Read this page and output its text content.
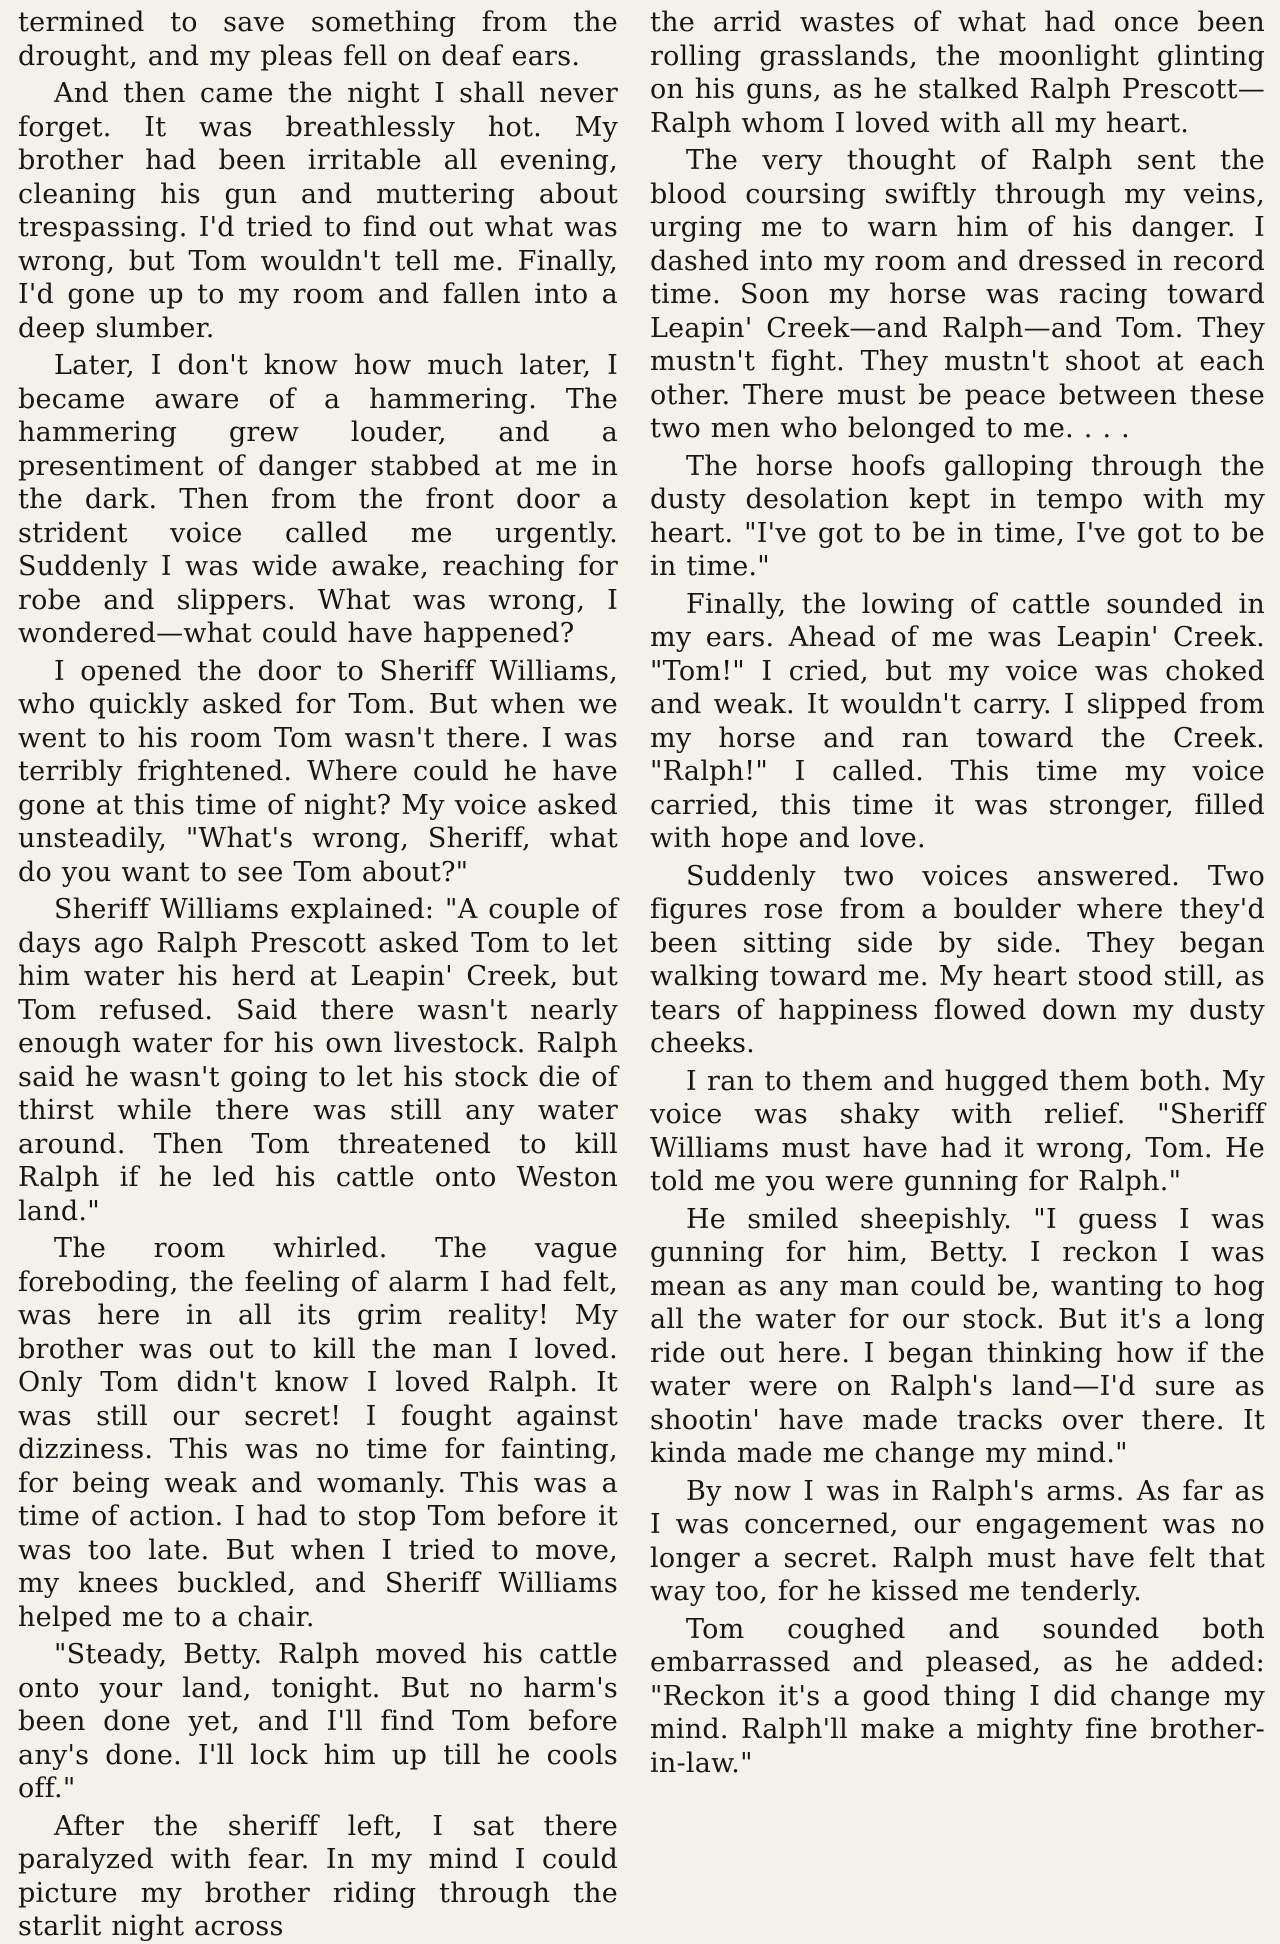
termined to save something from the drought, and my pleas fell on deaf ears.

And then came the night I shall never forget. It was breathlessly hot. My brother had been irritable all evening, cleaning his gun and muttering about trespassing. I'd tried to find out what was wrong, but Tom wouldn't tell me. Finally, I'd gone up to my room and fallen into a deep slumber.

Later, I don't know how much later, I became aware of a hammering. The hammering grew louder, and a presentiment of danger stabbed at me in the dark. Then from the front door a strident voice called me urgently. Suddenly I was wide awake, reaching for robe and slippers. What was wrong, I wondered—what could have happened?

I opened the door to Sheriff Williams, who quickly asked for Tom. But when we went to his room Tom wasn't there. I was terribly frightened. Where could he have gone at this time of night? My voice asked unsteadily, "What's wrong, Sheriff, what do you want to see Tom about?"

Sheriff Williams explained: "A couple of days ago Ralph Prescott asked Tom to let him water his herd at Leapin' Creek, but Tom refused. Said there wasn't nearly enough water for his own livestock. Ralph said he wasn't going to let his stock die of thirst while there was still any water around. Then Tom threatened to kill Ralph if he led his cattle onto Weston land."

The room whirled. The vague foreboding, the feeling of alarm I had felt, was here in all its grim reality! My brother was out to kill the man I loved. Only Tom didn't know I loved Ralph. It was still our secret! I fought against dizziness. This was no time for fainting, for being weak and womanly. This was a time of action. I had to stop Tom before it was too late. But when I tried to move, my knees buckled, and Sheriff Williams helped me to a chair.

"Steady, Betty. Ralph moved his cattle onto your land, tonight. But no harm's been done yet, and I'll find Tom before any's done. I'll lock him up till he cools off."

After the sheriff left, I sat there paralyzed with fear. In my mind I could picture my brother riding through the starlit night across

the arrid wastes of what had once been rolling grasslands, the moonlight glinting on his guns, as he stalked Ralph Prescott—Ralph whom I loved with all my heart.

The very thought of Ralph sent the blood coursing swiftly through my veins, urging me to warn him of his danger. I dashed into my room and dressed in record time. Soon my horse was racing toward Leapin' Creek—and Ralph—and Tom. They mustn't fight. They mustn't shoot at each other. There must be peace between these two men who belonged to me. . . .

The horse hoofs galloping through the dusty desolation kept in tempo with my heart. "I've got to be in time, I've got to be in time."

Finally, the lowing of cattle sounded in my ears. Ahead of me was Leapin' Creek. "Tom!" I cried, but my voice was choked and weak. It wouldn't carry. I slipped from my horse and ran toward the Creek. "Ralph!" I called. This time my voice carried, this time it was stronger, filled with hope and love.

Suddenly two voices answered. Two figures rose from a boulder where they'd been sitting side by side. They began walking toward me. My heart stood still, as tears of happiness flowed down my dusty cheeks.

I ran to them and hugged them both. My voice was shaky with relief. "Sheriff Williams must have had it wrong, Tom. He told me you were gunning for Ralph."

He smiled sheepishly. "I guess I was gunning for him, Betty. I reckon I was mean as any man could be, wanting to hog all the water for our stock. But it's a long ride out here. I began thinking how if the water were on Ralph's land—I'd sure as shootin' have made tracks over there. It kinda made me change my mind."

By now I was in Ralph's arms. As far as I was concerned, our engagement was no longer a secret. Ralph must have felt that way too, for he kissed me tenderly.

Tom coughed and sounded both embarrassed and pleased, as he added: "Reckon it's a good thing I did change my mind. Ralph'll make a mighty fine brother-in-law."
